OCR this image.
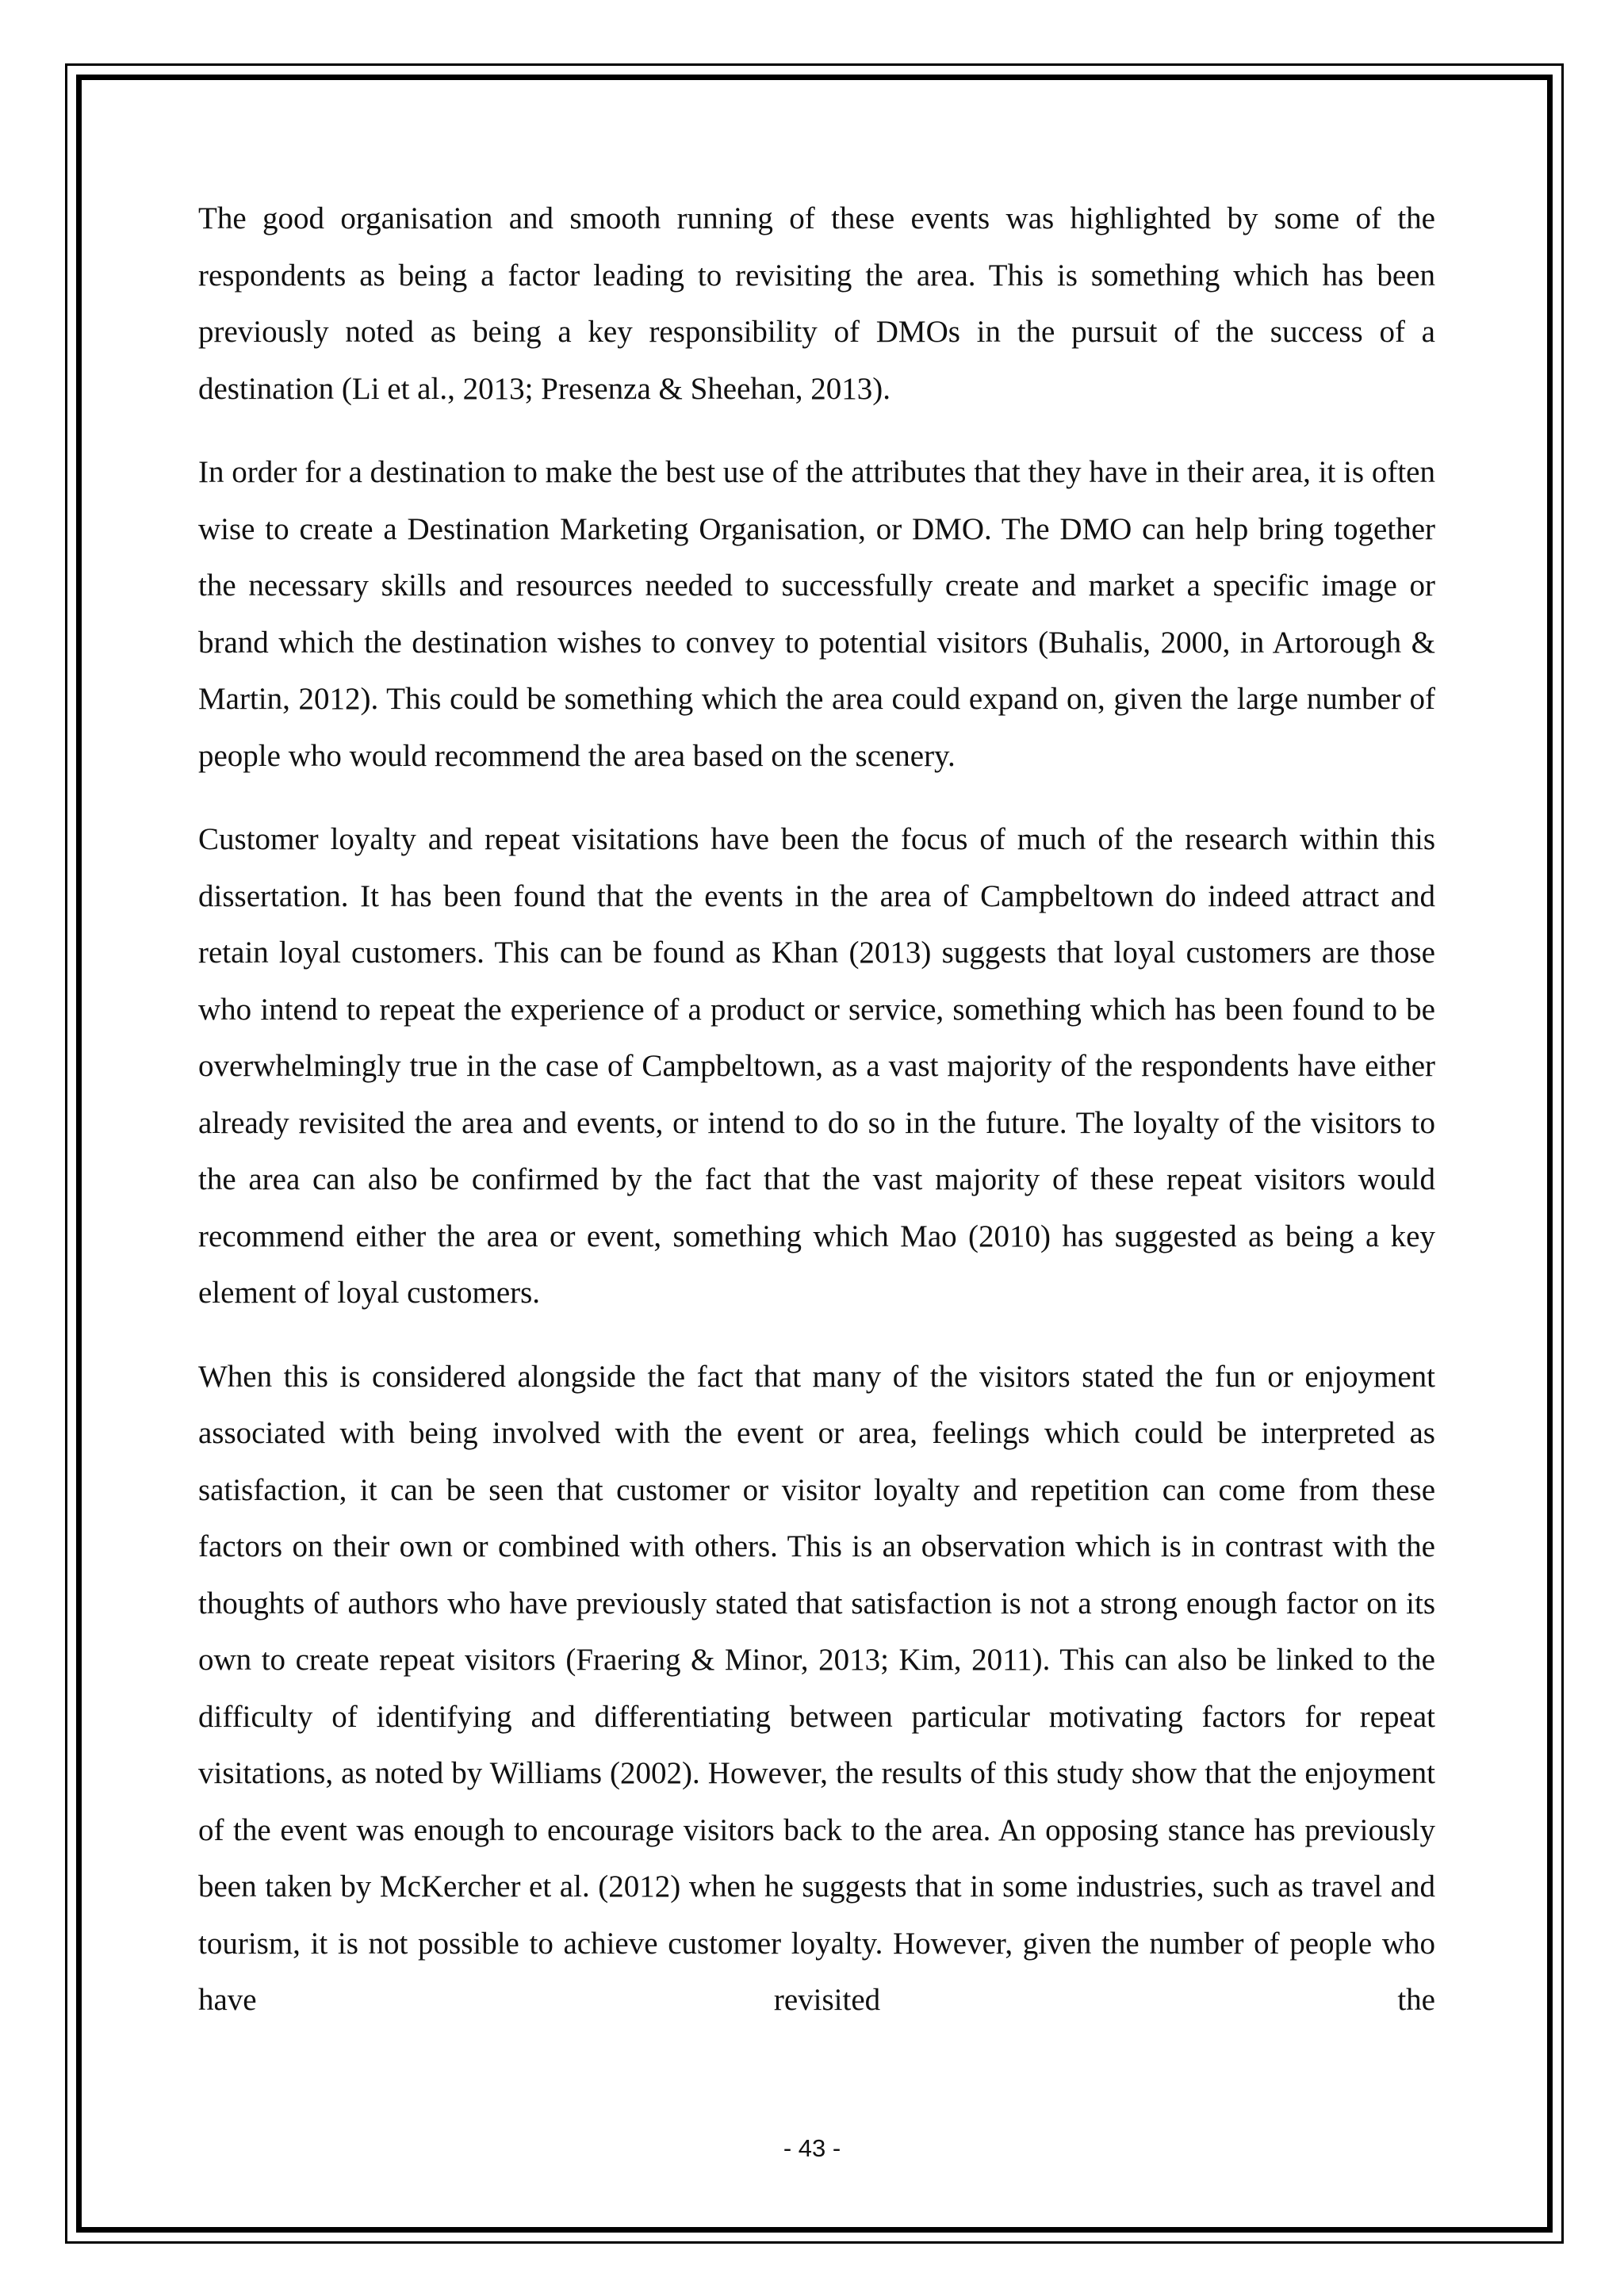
The good organisation and smooth running of these events was highlighted by some of the respondents as being a factor leading to revisiting the area. This is something which has been previously noted as being a key responsibility of DMOs in the pursuit of the success of a destination (Li et al., 2013; Presenza & Sheehan, 2013).

In order for a destination to make the best use of the attributes that they have in their area, it is often wise to create a Destination Marketing Organisation, or DMO. The DMO can help bring together the necessary skills and resources needed to successfully create and market a specific image or brand which the destination wishes to convey to potential visitors (Buhalis, 2000, in Artorough & Martin, 2012). This could be something which the area could expand on, given the large number of people who would recommend the area based on the scenery.

Customer loyalty and repeat visitations have been the focus of much of the research within this dissertation. It has been found that the events in the area of Campbeltown do indeed attract and retain loyal customers. This can be found as Khan (2013) suggests that loyal customers are those who intend to repeat the experience of a product or service, something which has been found to be overwhelmingly true in the case of Campbeltown, as a vast majority of the respondents have either already revisited the area and events, or intend to do so in the future. The loyalty of the visitors to the area can also be confirmed by the fact that the vast majority of these repeat visitors would recommend either the area or event, something which Mao (2010) has suggested as being a key element of loyal customers.

When this is considered alongside the fact that many of the visitors stated the fun or enjoyment associated with being involved with the event or area, feelings which could be interpreted as satisfaction, it can be seen that customer or visitor loyalty and repetition can come from these factors on their own or combined with others. This is an observation which is in contrast with the thoughts of authors who have previously stated that satisfaction is not a strong enough factor on its own to create repeat visitors (Fraering & Minor, 2013; Kim, 2011). This can also be linked to the difficulty of identifying and differentiating between particular motivating factors for repeat visitations, as noted by Williams (2002). However, the results of this study show that the enjoyment of the event was enough to encourage visitors back to the area. An opposing stance has previously been taken by McKercher et al. (2012) when he suggests that in some industries, such as travel and tourism, it is not possible to achieve customer loyalty. However, given the number of people who have revisited the

- 43 -
